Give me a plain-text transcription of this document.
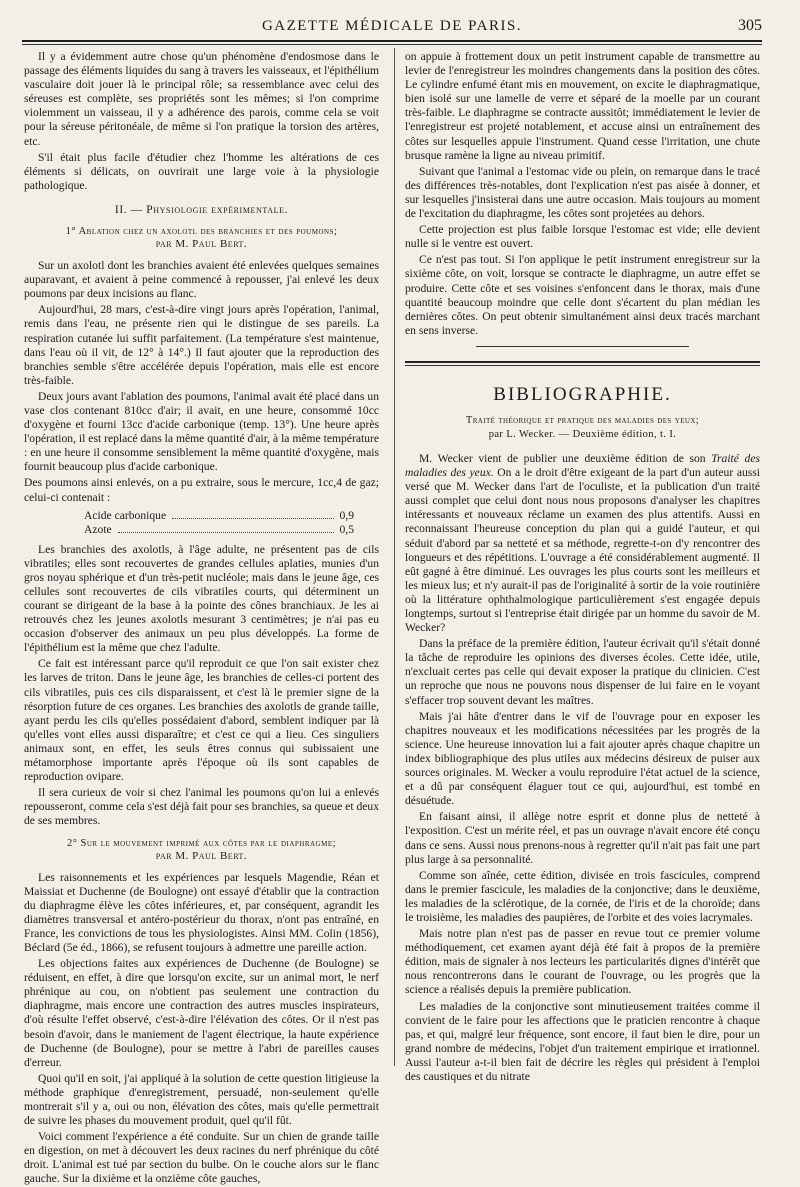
GAZETTE MÉDICALE DE PARIS.	305

Il y a évidemment autre chose qu'un phénomène d'endosmose dans le passage des éléments liquides du sang à travers les vaisseaux, et l'épithélium vasculaire doit jouer là le principal rôle; sa ressemblance avec celui des séreuses est complète, ses propriétés sont les mêmes; si l'on comprime violemment un vaisseau, il y a adhérence des parois, comme cela se voit pour la séreuse péritonéale, de même si l'on pratique la torsion des artères, etc.

S'il était plus facile d'étudier chez l'homme les altérations de ces éléments si délicats, on ouvrirait une large voie à la physiologie pathologique.

II. — Physiologie expérimentale.
1° Ablation chez un axolotl des branchies et des poumons;
par M. Paul Bert.

Sur un axolotl dont les branchies avaient été enlevées quelques semaines auparavant, et avaient à peine commencé à repousser, j'ai enlevé les deux poumons par deux incisions au flanc.

Aujourd'hui, 28 mars, c'est-à-dire vingt jours après l'opération, l'animal, remis dans l'eau, ne présente rien qui le distingue de ses pareils. La respiration cutanée lui suffit parfaitement. (La température s'est maintenue, dans l'eau où il vit, de 12° à 14°.) Il faut ajouter que la reproduction des branchies semble s'être accélérée depuis l'opération, mais elle est encore très-faible.

Deux jours avant l'ablation des poumons, l'animal avait été placé dans un vase clos contenant 810cc d'air; il avait, en une heure, consommé 10cc d'oxygène et fourni 13cc d'acide carbonique (temp. 13°). Une heure après l'opération, il est replacé dans la même quantité d'air, à la même température : en une heure il consomme sensiblement la même quantité d'oxygène, mais fournit beaucoup plus d'acide carbonique.

Des poumons ainsi enlevés, on a pu extraire, sous le mercure, 1cc,4 de gaz; celui-ci contenait :

Acide carbonique	0,9
Azote	0,5

Les branchies des axolotls, à l'âge adulte, ne présentent pas de cils vibratiles; elles sont recouvertes de grandes cellules aplaties, munies d'un gros noyau sphérique et d'un très-petit nucléole; mais dans le jeune âge, ces cellules sont recouvertes de cils vibratiles courts, qui déterminent un courant se dirigeant de la base à la pointe des cônes branchiaux. Je les ai retrouvés chez les jeunes axolotls mesurant 3 centimètres; je n'ai pas eu occasion d'observer des animaux un peu plus développés. La forme de l'épithélium est la même que chez l'adulte.

Ce fait est intéressant parce qu'il reproduit ce que l'on sait exister chez les larves de triton. Dans le jeune âge, les branchies de celles-ci portent des cils vibratiles, puis ces cils disparaissent, et c'est là le premier signe de la résorption future de ces organes. Les branchies des axolotls de grande taille, ayant perdu les cils qu'elles possédaient d'abord, semblent indiquer par là qu'elles vont elles aussi disparaître; et c'est ce qui a lieu. Ces singuliers animaux sont, en effet, les seuls êtres connus qui subissaient une métamorphose importante après l'époque où ils sont capables de reproduction ovipare.

Il sera curieux de voir si chez l'animal les poumons qu'on lui a enlevés repousseront, comme cela s'est déjà fait pour ses branchies, sa queue et deux de ses membres.

2° Sur le mouvement imprimé aux côtes par le diaphragme;
par M. Paul Bert.

Les raisonnements et les expériences par lesquels Magendie, Réan et Maissiat et Duchenne (de Boulogne) ont essayé d'établir que la contraction du diaphragme élève les côtes inférieures, et, par conséquent, agrandit les diamètres transversal et antéro-postérieur du thorax, n'ont pas entraîné, en France, les convictions de tous les physiologistes. Ainsi MM. Colin (1856), Béclard (5e éd., 1866), se refusent toujours à admettre une pareille action.

Les objections faites aux expériences de Duchenne (de Boulogne) se réduisent, en effet, à dire que lorsqu'on excite, sur un animal mort, le nerf phrénique au cou, on n'obtient pas seulement une contraction du diaphragme, mais encore une contraction des autres muscles inspirateurs, d'où résulte l'effet observé, c'est-à-dire l'élévation des côtes. Or il n'est pas besoin d'avoir, dans le maniement de l'agent électrique, la haute expérience de Duchenne (de Boulogne), pour se mettre à l'abri de pareilles causes d'erreur.

Quoi qu'il en soit, j'ai appliqué à la solution de cette question litigieuse la méthode graphique d'enregistrement, persuadé, non-seulement qu'elle montrerait s'il y a, oui ou non, élévation des côtes, mais qu'elle permettrait de suivre les phases du mouvement produit, quel qu'il fût.

Voici comment l'expérience a été conduite. Sur un chien de grande taille en digestion, on met à découvert les deux racines du nerf phrénique du côté droit. L'animal est tué par section du bulbe. On le couche alors sur le flanc gauche. Sur la dixième et la onzième côte gauches,

on appuie à frottement doux un petit instrument capable de transmettre au levier de l'enregistreur les moindres changements dans la position des côtes. Le cylindre enfumé étant mis en mouvement, on excite le diaphragmatique, bien isolé sur une lamelle de verre et séparé de la moelle par un courant très-faible. Le diaphragme se contracte aussitôt; immédiatement le levier de l'enregistreur est projeté notablement, et accuse ainsi un entraînement des côtes sur lesquelles appuie l'instrument. Quand cesse l'irritation, une chute brusque ramène la ligne au niveau primitif.

Suivant que l'animal a l'estomac vide ou plein, on remarque dans le tracé des différences très-notables, dont l'explication n'est pas aisée à donner, et sur lesquelles j'insisterai dans une autre occasion. Mais toujours au moment de l'excitation du diaphragme, les côtes sont projetées au dehors.

Cette projection est plus faible lorsque l'estomac est vide; elle devient nulle si le ventre est ouvert.

Ce n'est pas tout. Si l'on applique le petit instrument enregistreur sur la sixième côte, on voit, lorsque se contracte le diaphragme, un autre effet se produire. Cette côte et ses voisines s'enfoncent dans le thorax, mais d'une quantité beaucoup moindre que celle dont s'écartent du plan médian les dernières côtes. On peut obtenir simultanément ainsi deux tracés marchant en sens inverse.

BIBLIOGRAPHIE.
Traité théorique et pratique des maladies des yeux;
par L. Wecker. — Deuxième édition, t. I.

M. Wecker vient de publier une deuxième édition de son Traité des maladies des yeux. On a le droit d'être exigeant de la part d'un auteur aussi versé que M. Wecker dans l'art de l'oculiste, et la publication d'un traité aussi complet que celui dont nous nous proposons d'analyser les chapitres intéressants et nouveaux réclame un examen des plus attentifs. Aussi en reconnaissant l'heureuse conception du plan qui a guidé l'auteur, et qui séduit d'abord par sa netteté et sa méthode, regrette-t-on d'y rencontrer des longueurs et des répétitions. L'ouvrage a été considérablement augmenté. Il eût gagné à être diminué. Les ouvrages les plus courts sont les meilleurs et les mieux lus; et n'y aurait-il pas de l'originalité à sortir de la voie routinière où la littérature ophthalmologique particulièrement s'est engagée depuis longtemps, surtout si l'entreprise était dirigée par un homme du savoir de M. Wecker?

Dans la préface de la première édition, l'auteur écrivait qu'il s'était donné la tâche de reproduire les opinions des diverses écoles. Cette idée, utile, n'excluait certes pas celle qui devait exposer la pratique du clinicien. C'est un reproche que nous ne pouvons nous dispenser de lui faire en le voyant s'effacer trop souvent devant les maîtres.

Mais j'ai hâte d'entrer dans le vif de l'ouvrage pour en exposer les chapitres nouveaux et les modifications nécessitées par les progrès de la science. Une heureuse innovation lui a fait ajouter après chaque chapitre un index bibliographique des plus utiles aux médecins désireux de puiser aux sources originales. M. Wecker a voulu reproduire l'état actuel de la science, et a dû par conséquent élaguer tout ce qui, aujourd'hui, est tombé en désuétude.

En faisant ainsi, il allège notre esprit et donne plus de netteté à l'exposition. C'est un mérite réel, et pas un ouvrage n'avait encore été conçu dans ce sens. Aussi nous prenons-nous à regretter qu'il n'ait pas fait une part plus large à sa personnalité.

Comme son aînée, cette édition, divisée en trois fascicules, comprend dans le premier fascicule, les maladies de la conjonctive; dans le deuxième, les maladies de la sclérotique, de la cornée, de l'iris et de la choroïde; dans le troisième, les maladies des paupières, de l'orbite et des voies lacrymales.

Mais notre plan n'est pas de passer en revue tout ce premier volume méthodiquement, cet examen ayant déjà été fait à propos de la première édition, mais de signaler à nos lecteurs les particularités dignes d'intérêt que nous rencontrerons dans le courant de l'ouvrage, ou les progrès que la science a réalisés depuis la première publication.

Les maladies de la conjonctive sont minutieusement traitées comme il convient de le faire pour les affections que le praticien rencontre à chaque pas, et qui, malgré leur fréquence, sont encore, il faut bien le dire, pour un grand nombre de médecins, l'objet d'un traitement empirique et irrationnel. Aussi l'auteur a-t-il bien fait de décrire les règles qui président à l'emploi des caustiques et du nitrate
